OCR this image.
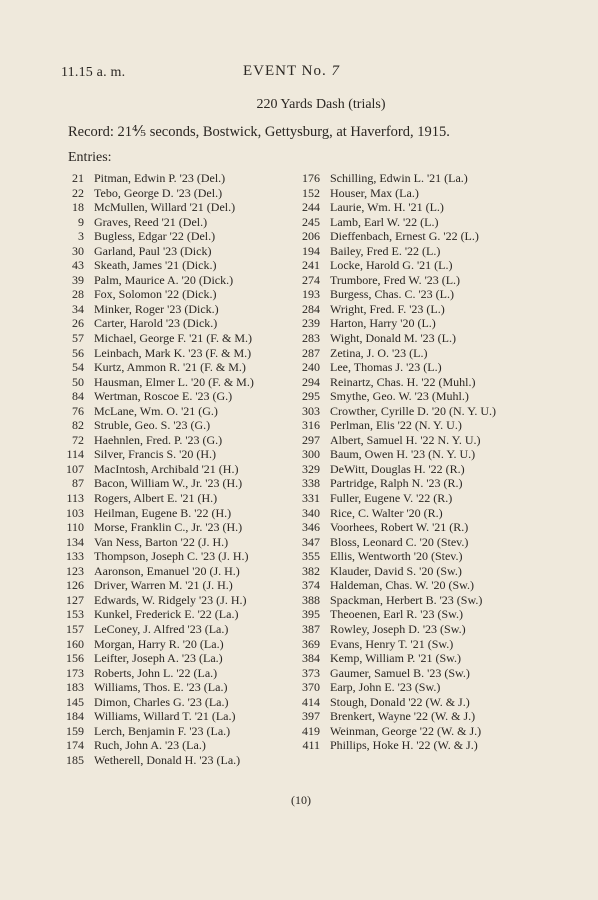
11.15 a. m.	EVENT No. 7
220 Yards Dash (trials)
Record: 21⅘ seconds, Bostwick, Gettysburg, at Haverford, 1915.
Entries:
21 Pitman, Edwin P. '23 (Del.)
22 Tebo, George D. '23 (Del.)
18 McMullen, Willard '21 (Del.)
9 Graves, Reed '21 (Del.)
3 Bugless, Edgar '22 (Del.)
30 Garland, Paul '23 (Dick)
43 Skeath, James '21 (Dick.)
39 Palm, Maurice A. '20 (Dick.)
28 Fox, Solomon '22 (Dick.)
34 Minker, Roger '23 (Dick.)
26 Carter, Harold '23 (Dick.)
57 Michael, George F. '21 (F. & M.)
56 Leinbach, Mark K. '23 (F. & M.)
54 Kurtz, Ammon R. '21 (F. & M.)
50 Hausman, Elmer L. '20 (F. & M.)
84 Wertman, Roscoe E. '23 (G.)
76 McLane, Wm. O. '21 (G.)
82 Struble, Geo. S. '23 (G.)
72 Haehnlen, Fred. P. '23 (G.)
114 Silver, Francis S. '20 (H.)
107 MacIntosh, Archibald '21 (H.)
87 Bacon, William W., Jr. '23 (H.)
113 Rogers, Albert E. '21 (H.)
103 Heilman, Eugene B. '22 (H.)
110 Morse, Franklin C., Jr. '23 (H.)
134 Van Ness, Barton '22 (J. H.)
133 Thompson, Joseph C. '23 (J. H.)
123 Aaronson, Emanuel '20 (J. H.)
126 Driver, Warren M. '21 (J. H.)
127 Edwards, W. Ridgely '23 (J. H.)
153 Kunkel, Frederick E. '22 (La.)
157 LeConey, J. Alfred '23 (La.)
160 Morgan, Harry R. '20 (La.)
156 Leifter, Joseph A. '23 (La.)
173 Roberts, John L. '22 (La.)
183 Williams, Thos. E. '23 (La.)
145 Dimon, Charles G. '23 (La.)
184 Williams, Willard T. '21 (La.)
159 Lerch, Benjamin F. '23 (La.)
174 Ruch, John A. '23 (La.)
185 Wetherell, Donald H. '23 (La.)
176 Schilling, Edwin L. '21 (La.)
152 Houser, Max (La.)
244 Laurie, Wm. H. '21 (L.)
245 Lamb, Earl W. '22 (L.)
206 Dieffenbach, Ernest G. '22 (L.)
194 Bailey, Fred E. '22 (L.)
241 Locke, Harold G. '21 (L.)
274 Trumbore, Fred W. '23 (L.)
193 Burgess, Chas. C. '23 (L.)
284 Wright, Fred. F. '23 (L.)
239 Harton, Harry '20 (L.)
283 Wight, Donald M. '23 (L.)
287 Zetina, J. O. '23 (L.)
240 Lee, Thomas J. '23 (L.)
294 Reinartz, Chas. H. '22 (Muhl.)
295 Smythe, Geo. W. '23 (Muhl.)
303 Crowther, Cyrille D. '20 (N. Y. U.)
316 Perlman, Elis '22 (N. Y. U.)
297 Albert, Samuel H. '22 N. Y. U.)
300 Baum, Owen H. '23 (N. Y. U.)
329 DeWitt, Douglas H. '22 (R.)
338 Partridge, Ralph N. '23 (R.)
331 Fuller, Eugene V. '22 (R.)
340 Rice, C. Walter '20 (R.)
346 Voorhees, Robert W. '21 (R.)
347 Bloss, Leonard C. '20 (Stev.)
355 Ellis, Wentworth '20 (Stev.)
382 Klauder, David S. '20 (Sw.)
374 Haldeman, Chas. W. '20 (Sw.)
388 Spackman, Herbert B. '23 (Sw.)
395 Theoenen, Earl R. '23 (Sw.)
387 Rowley, Joseph D. '23 (Sw.)
369 Evans, Henry T. '21 (Sw.)
384 Kemp, William P. '21 (Sw.)
373 Gaumer, Samuel B. '23 (Sw.)
370 Earp, John E. '23 (Sw.)
414 Stough, Donald '22 (W. & J.)
397 Brenkert, Wayne '22 (W. & J.)
419 Weinman, George '22 (W. & J.)
411 Phillips, Hoke H. '22 (W. & J.)
(10)
